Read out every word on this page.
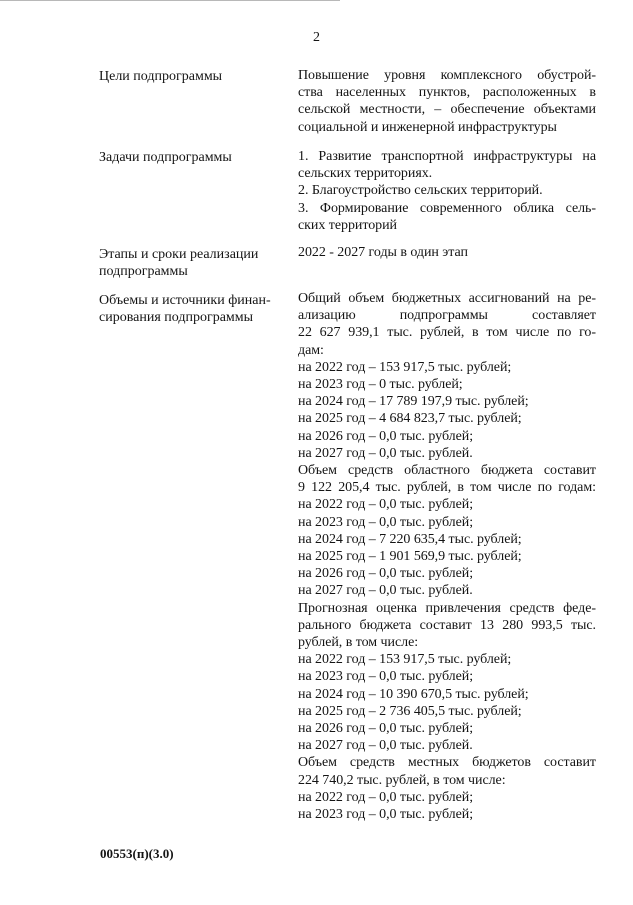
2
Цели подпрограммы	Повышение уровня комплексного обустрой-
ства населенных пунктов, расположенных в
сельской местности, – обеспечение объектами
социальной и инженерной инфраструктуры
Задачи подпрограммы	1. Развитие транспортной инфраструктуры на
сельских территориях.
2. Благоустройство сельских территорий.
3. Формирование современного облика сель-
ских территорий
Этапы и сроки реализации подпрограммы
2022 - 2027 годы в один этап
Объемы и источники финан-сирования подпрограммы
Общий объем бюджетных ассигнований на ре-
ализацию подпрограммы составляет
22 627 939,1 тыс. рублей, в том числе по го-
дам:
на 2022 год – 153 917,5 тыс. рублей;
на 2023 год – 0 тыс. рублей;
на 2024 год – 17 789 197,9 тыс. рублей;
на 2025 год – 4 684 823,7 тыс. рублей;
на 2026 год – 0,0 тыс. рублей;
на 2027 год – 0,0 тыс. рублей.
Объем средств областного бюджета составит
9 122 205,4 тыс. рублей, в том числе по годам:
на 2022 год – 0,0 тыс. рублей;
на 2023 год – 0,0 тыс. рублей;
на 2024 год – 7 220 635,4 тыс. рублей;
на 2025 год – 1 901 569,9 тыс. рублей;
на 2026 год – 0,0 тыс. рублей;
на 2027 год – 0,0 тыс. рублей.
Прогнозная оценка привлечения средств феде-
рального бюджета составит 13 280 993,5 тыс.
рублей, в том числе:
на 2022 год – 153 917,5 тыс. рублей;
на 2023 год – 0,0 тыс. рублей;
на 2024 год – 10 390 670,5 тыс. рублей;
на 2025 год – 2 736 405,5 тыс. рублей;
на 2026 год – 0,0 тыс. рублей;
на 2027 год – 0,0 тыс. рублей.
Объем средств местных бюджетов составит
224 740,2 тыс. рублей, в том числе:
на 2022 год – 0,0 тыс. рублей;
на 2023 год – 0,0 тыс. рублей;
00553(п)(3.0)
